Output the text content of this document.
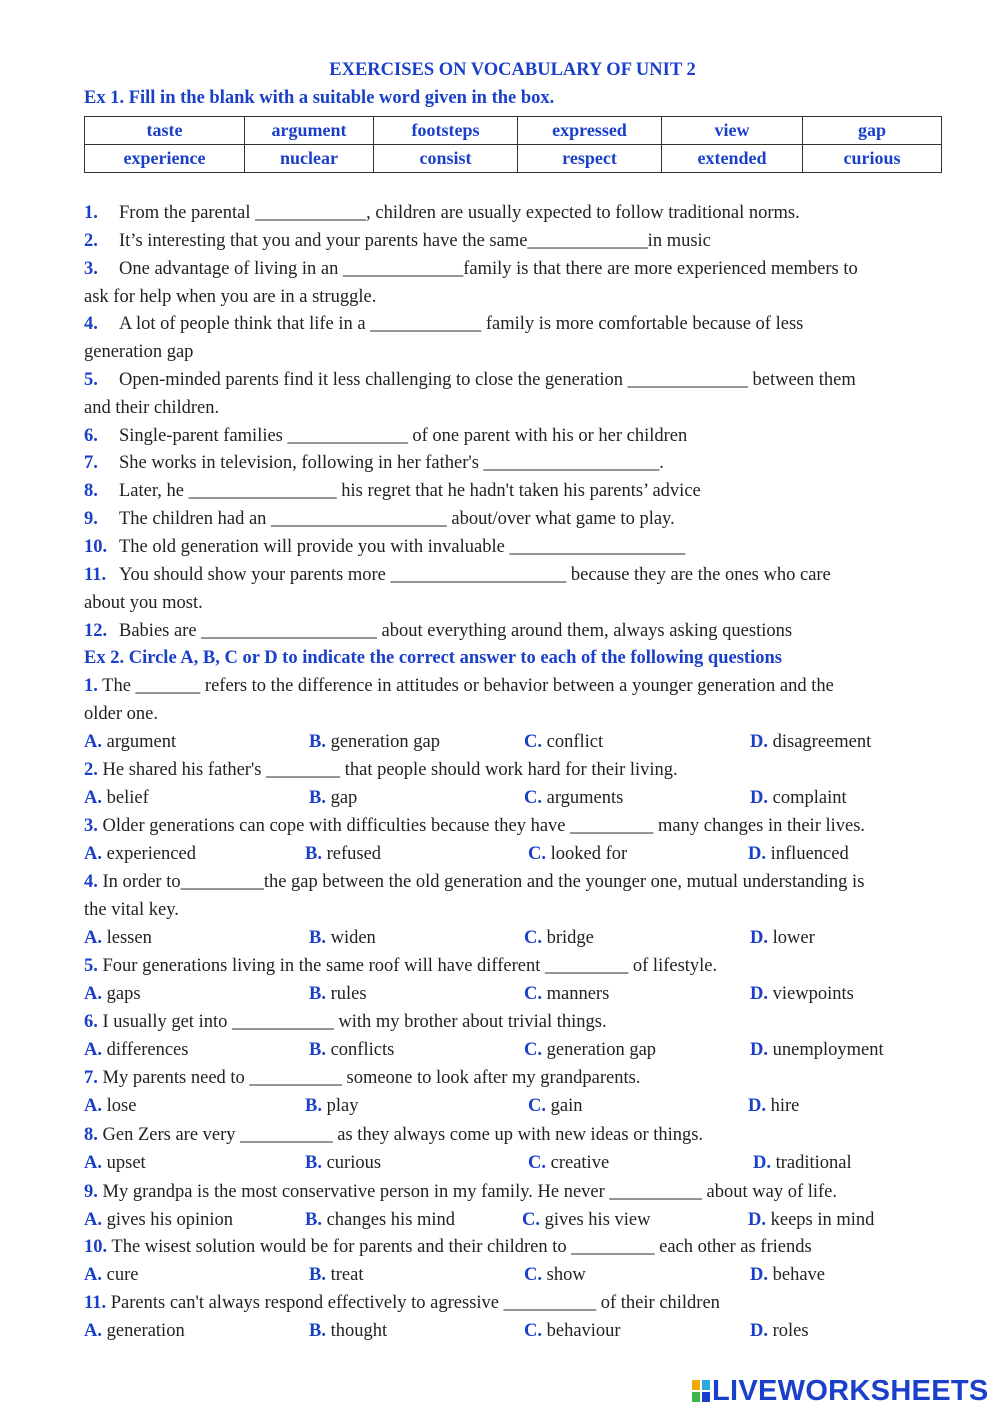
EXERCISES ON VOCABULARY OF UNIT 2
Ex 1. Fill in the blank with a suitable word given in the box.
taste	argument	footsteps	expressed	view	gap
experience	nuclear	consist	respect	extended	curious
1. From the parental ____________, children are usually expected to follow traditional norms.
2. It’s interesting that you and your parents have the same_____________in music
3. One advantage of living in an _____________family is that there are more experienced members to
ask for help when you are in a struggle.
4. A lot of people think that life in a ____________ family is more comfortable because of less
generation gap
5. Open-minded parents find it less challenging to close the generation _____________ between them
and their children.
6. Single-parent families _____________ of one parent with his or her children
7. She works in television, following in her father's ___________________.
8. Later, he ________________ his regret that he hadn't taken his parents’ advice
9. The children had an ___________________ about/over what game to play.
10. The old generation will provide you with invaluable ___________________
11. You should show your parents more ___________________ because they are the ones who care
about you most.
12. Babies are ___________________ about everything around them, always asking questions
Ex 2. Circle A, B, C or D to indicate the correct answer to each of the following questions
1. The _______ refers to the difference in attitudes or behavior between a younger generation and the
older one.
A. argument	B. generation gap	C. conflict	D. disagreement
2. He shared his father's ________ that people should work hard for their living.
A. belief	B. gap	C. arguments	D. complaint
3. Older generations can cope with difficulties because they have _________ many changes in their lives.
A. experienced	B. refused	C. looked for	D. influenced
4. In order to_________the gap between the old generation and the younger one, mutual understanding is
the vital key.
A. lessen	B. widen	C. bridge	D. lower
5. Four generations living in the same roof will have different _________ of lifestyle.
A. gaps	B. rules	C. manners	D. viewpoints
6. I usually get into ___________ with my brother about trivial things.
A. differences	B. conflicts	C. generation gap	D. unemployment
7. My parents need to __________ someone to look after my grandparents.
A. lose	B. play	C. gain	D. hire
8. Gen Zers are very __________ as they always come up with new ideas or things.
A. upset	B. curious	C. creative	D. traditional
9. My grandpa is the most conservative person in my family. He never __________ about way of life.
A. gives his opinion	B. changes his mind	C. gives his view	D. keeps in mind
10. The wisest solution would be for parents and their children to _________ each other as friends
A. cure	B. treat	C. show	D. behave
11. Parents can't always respond effectively to agressive __________ of their children
A. generation	B. thought	C. behaviour	D. roles
LIVEWORKSHEETS
